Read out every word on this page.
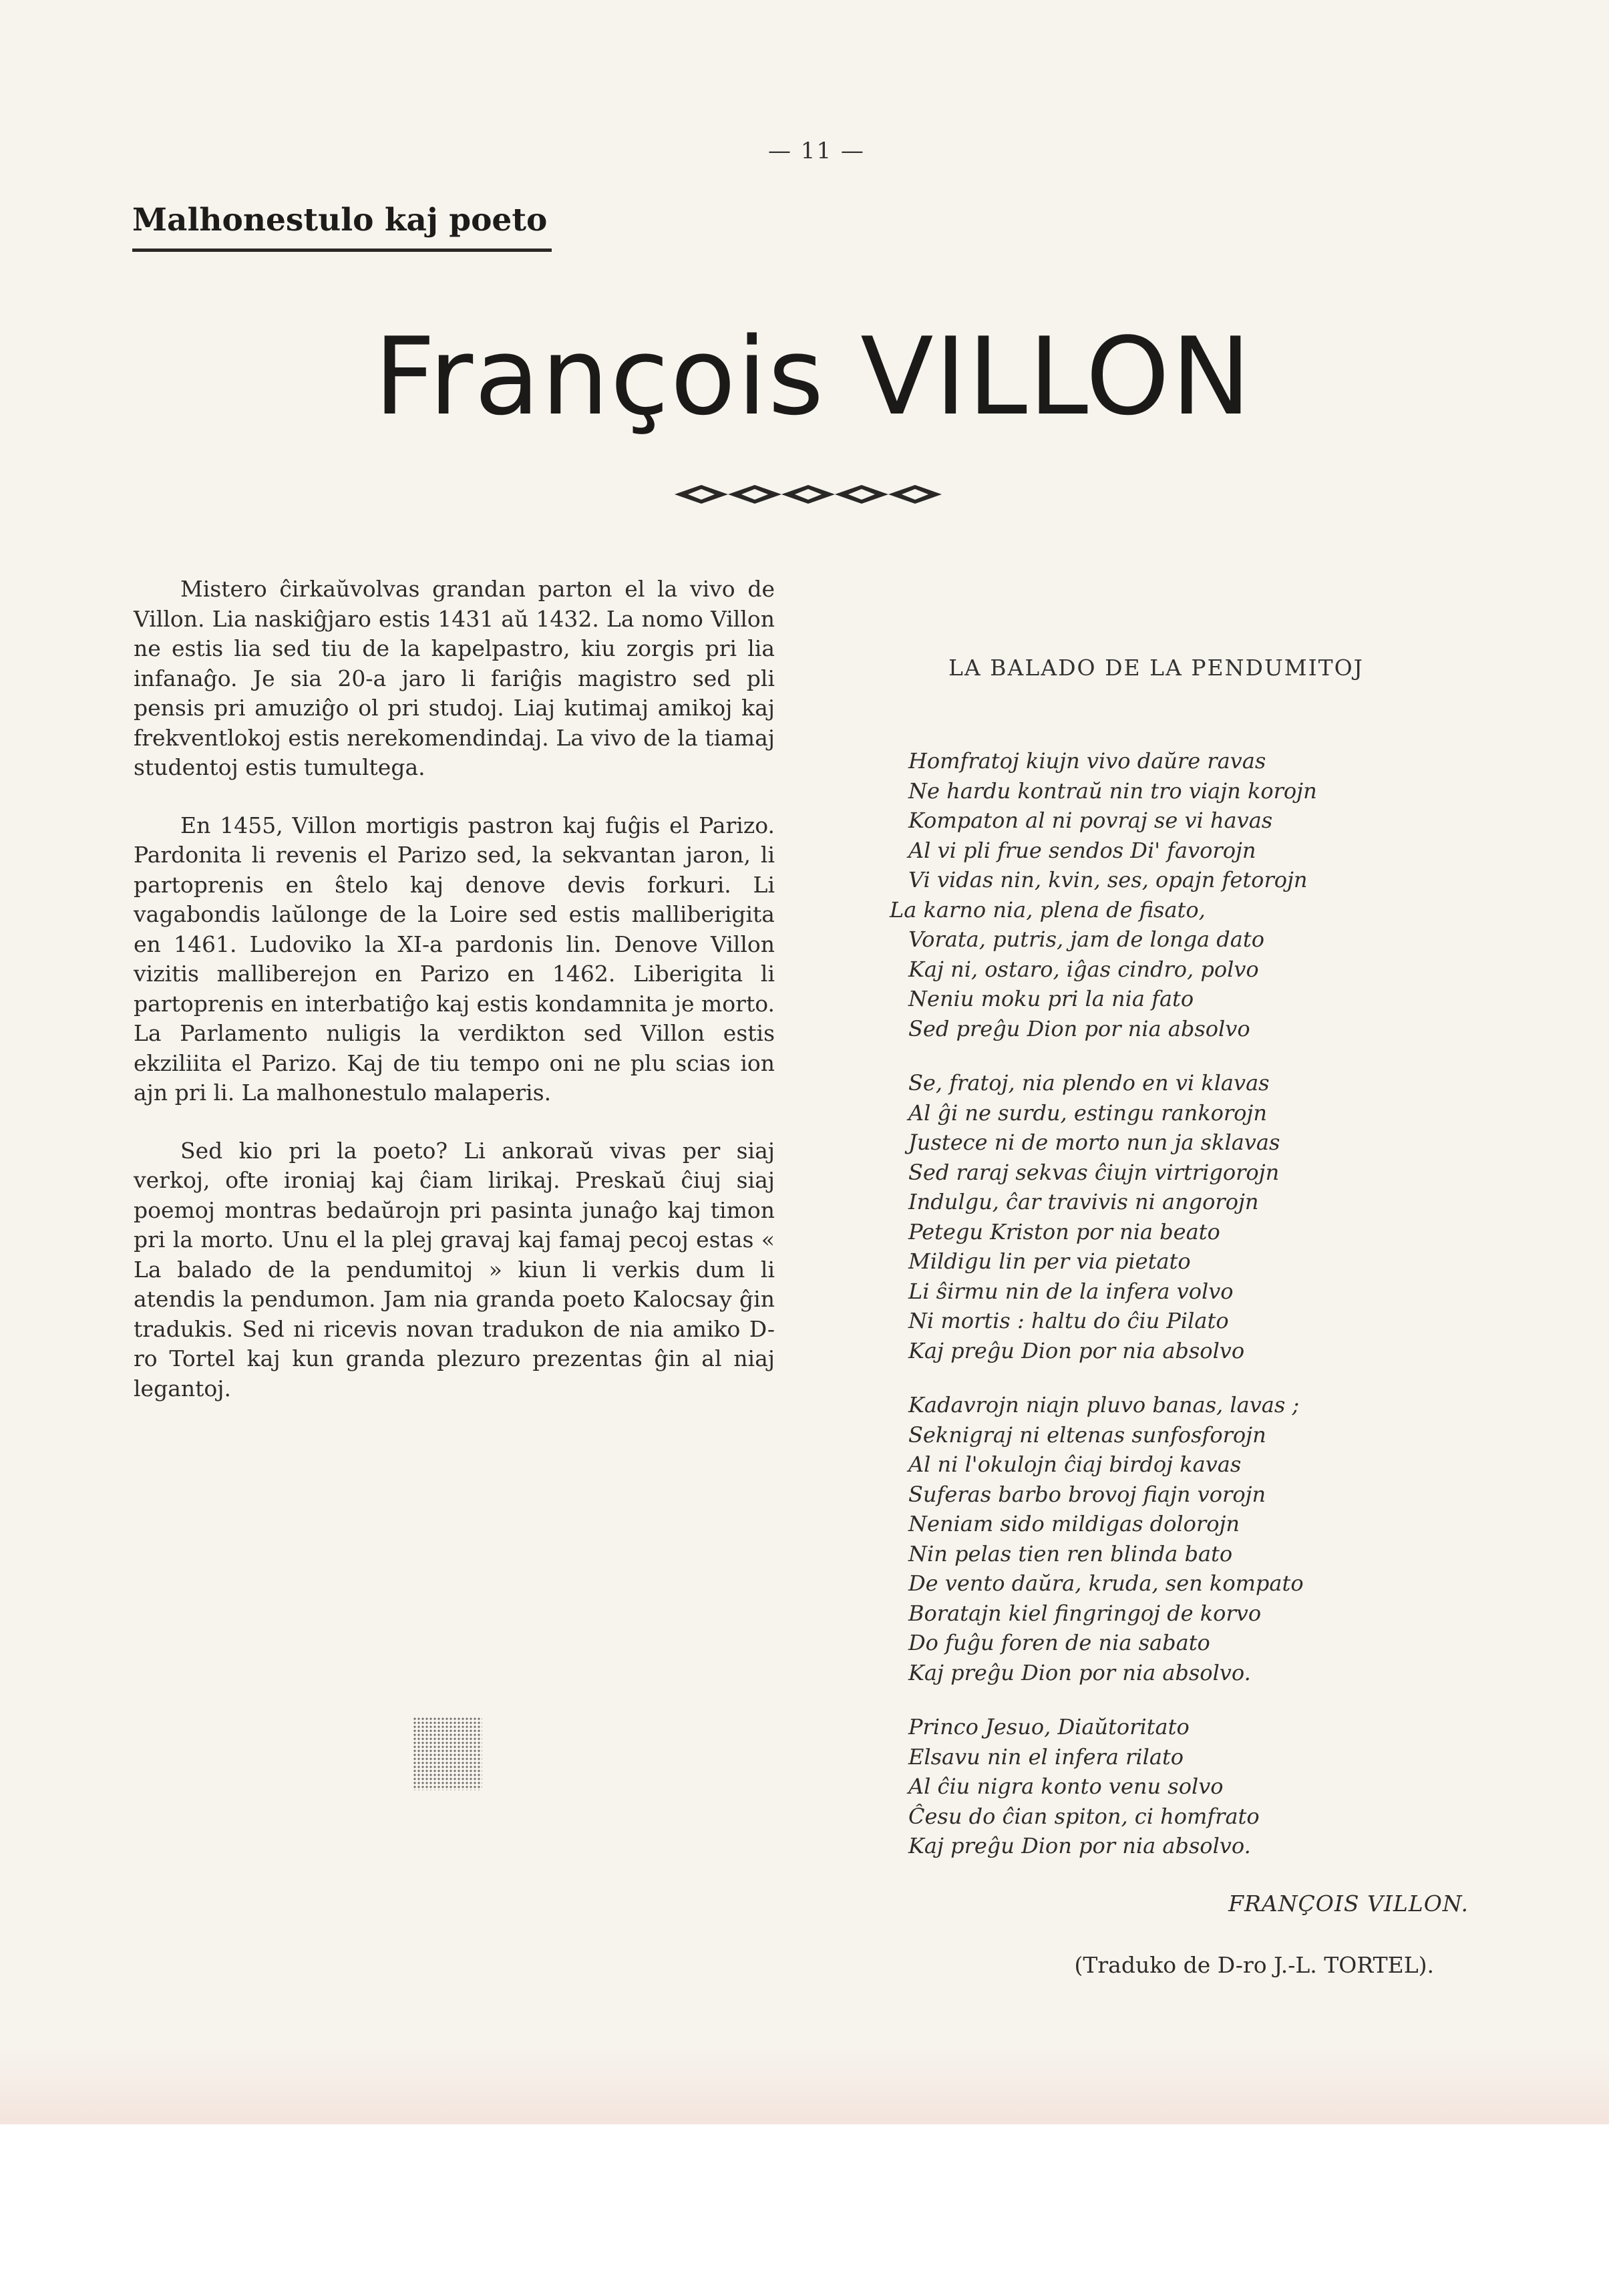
— 11 —
Malhonestulo kaj poeto
François VILLON

Mistero ĉirkaŭvolvas grandan parton el la vivo de Villon. Lia naskiĝjaro estis 1431 aŭ 1432. La nomo Villon ne estis lia sed tiu de la kapelpastro, kiu zorgis pri lia infanaĝo. Je sia 20-a jaro li fariĝis magistro sed pli pensis pri amuziĝo ol pri studoj. Liaj kutimaj amikoj kaj frekventlokoj estis nerekomendindaj. La vivo de la tiamaj studentoj estis tumultega.

En 1455, Villon mortigis pastron kaj fuĝis el Parizo. Pardonita li revenis el Parizo sed, la sekvantan jaron, li partoprenis en ŝtelo kaj denove devis forkuri. Li vagabondis laŭlonge de la Loire sed estis malliberigita en 1461. Ludoviko la XI-a pardonis lin. Denove Villon vizitis malliberejon en Parizo en 1462. Liberigita li partoprenis en interbatiĝo kaj estis kondamnita je morto. La Parlamento nuligis la verdikton sed Villon estis ekziliita el Parizo. Kaj de tiu tempo oni ne plu scias ion ajn pri li. La malhonestulo malaperis.

Sed kio pri la poeto? Li ankoraŭ vivas per siaj verkoj, ofte ironiaj kaj ĉiam lirikaj. Preskaŭ ĉiuj siaj poemoj montras bedaŭrojn pri pasinta junaĝo kaj timon pri la morto. Unu el la plej gravaj kaj famaj pecoj estas « La balado de la pendumitoj » kiun li verkis dum li atendis la pendumon. Jam nia granda poeto Kalocsay ĝin tradukis. Sed ni ricevis novan tradukon de nia amiko D-ro Tortel kaj kun granda plezuro prezentas ĝin al niaj legantoj.

LA BALADO DE LA PENDUMITOJ
Homfratoj kiujn vivo daŭre ravas
Ne hardu kontraŭ nin tro viajn korojn
Kompaton al ni povraj se vi havas
Al vi pli frue sendos Di' favorojn
Vi vidas nin, kvin, ses, opajn fetorojn
La karno nia, plena de fisato,
Vorata, putris, jam de longa dato
Kaj ni, ostaro, iĝas cindro, polvo
Neniu moku pri la nia fato
Sed preĝu Dion por nia absolvo
Se, fratoj, nia plendo en vi klavas
Al ĝi ne surdu, estingu rankorojn
Justece ni de morto nun ja sklavas
Sed raraj sekvas ĉiujn virtrigorojn
Indulgu, ĉar travivis ni angorojn
Petegu Kriston por nia beato
Mildigu lin per via pietato
Li ŝirmu nin de la infera volvo
Ni mortis : haltu do ĉiu Pilato
Kaj preĝu Dion por nia absolvo
Kadavrojn niajn pluvo banas, lavas ;
Seknigraj ni eltenas sunfosforojn
Al ni l'okulojn ĉiaj birdoj kavas
Suferas barbo brovoj fiajn vorojn
Neniam sido mildigas dolorojn
Nin pelas tien ren blinda bato
De vento daŭra, kruda, sen kompato
Boratajn kiel fingringoj de korvo
Do fuĝu foren de nia sabato
Kaj preĝu Dion por nia absolvo.
Princo Jesuo, Diaŭtoritato
Elsavu nin el infera rilato
Al ĉiu nigra konto venu solvo
Ĉesu do ĉian spiton, ci homfrato
Kaj preĝu Dion por nia absolvo.
FRANÇOIS VILLON.
(Traduko de D-ro J.-L. TORTEL).
